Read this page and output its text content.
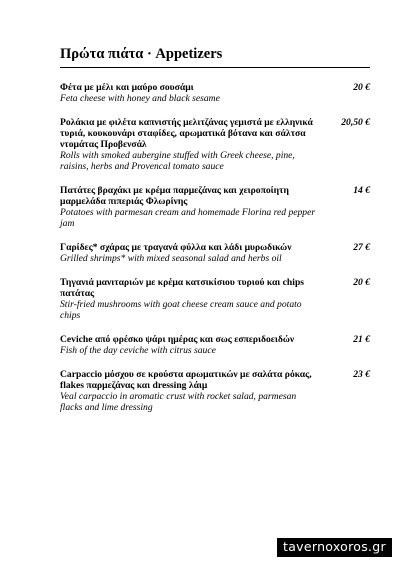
Πρώτα πιάτα · Appetizers
Φέτα με μέλι και μαύρο σουσάμι
Feta cheese with honey and black sesame
20 €
Ρολάκια με φιλέτα καπνιστής μελιτζάνας γεμιστά με ελληνικά τυριά, κουκουνάρι σταφίδες, αρωματικά βότανα και σάλτσα ντομάτας Προβενσάλ
Rolls with smoked aubergine stuffed with Greek cheese, pine, raisins, herbs and Provencal tomato sauce
20,50 €
Πατάτες βραχάκι με κρέμα παρμεζάνας και χειροποίητη μαρμελάδα πιπεριάς Φλωρίνης
Potatoes with parmesan cream and homemade Florina red pepper jam
14 €
Γαρίδες* σχάρας με τραγανά φύλλα και λάδι μυρωδικών
Grilled shrimps* with mixed seasonal salad and herbs oil
27 €
Τηγανιά μανιταριών με κρέμα κατσικίσιου τυριού και chips πατάτας
Stir-fried mushrooms with goat cheese cream sauce and potato chips
20 €
Ceviche από φρέσκο ψάρι ημέρας και σως εσπεριδοειδών
Fish of the day ceviche with citrus sauce
21 €
Carpaccio μόσχου σε κρούστα αρωματικών με σαλάτα ρόκας, flakes παρμεζάνας και dressing λάιμ
Veal carpaccio in aromatic crust with rocket salad, parmesan flacks and lime dressing
23 €
tavernoxoros.gr
